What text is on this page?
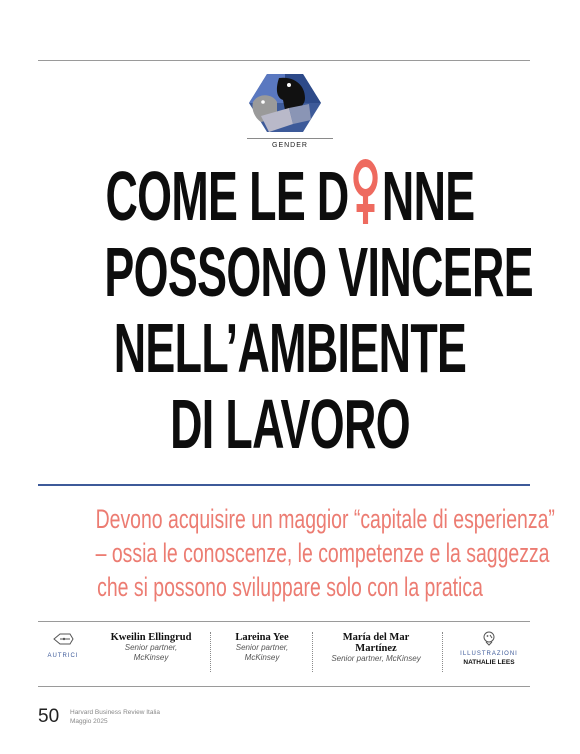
GENDER
COME LE D NNE
POSSONO VINCERE
NELL’AMBIENTE
DI LAVORO
Devono acquisire un maggior “capitale di esperienza”
– ossia le conoscenze, le competenze e la saggezza
che si possono sviluppare solo con la pratica
AUTRICI
Kweilin Ellingrud
Senior partner,
McKinsey
Lareina Yee
Senior partner,
McKinsey
María del Mar
Martínez
Senior partner, McKinsey	ILLUSTRAZIONI
NATHALIE LEES
50 Harvard Business Review Italia
Maggio 2025
